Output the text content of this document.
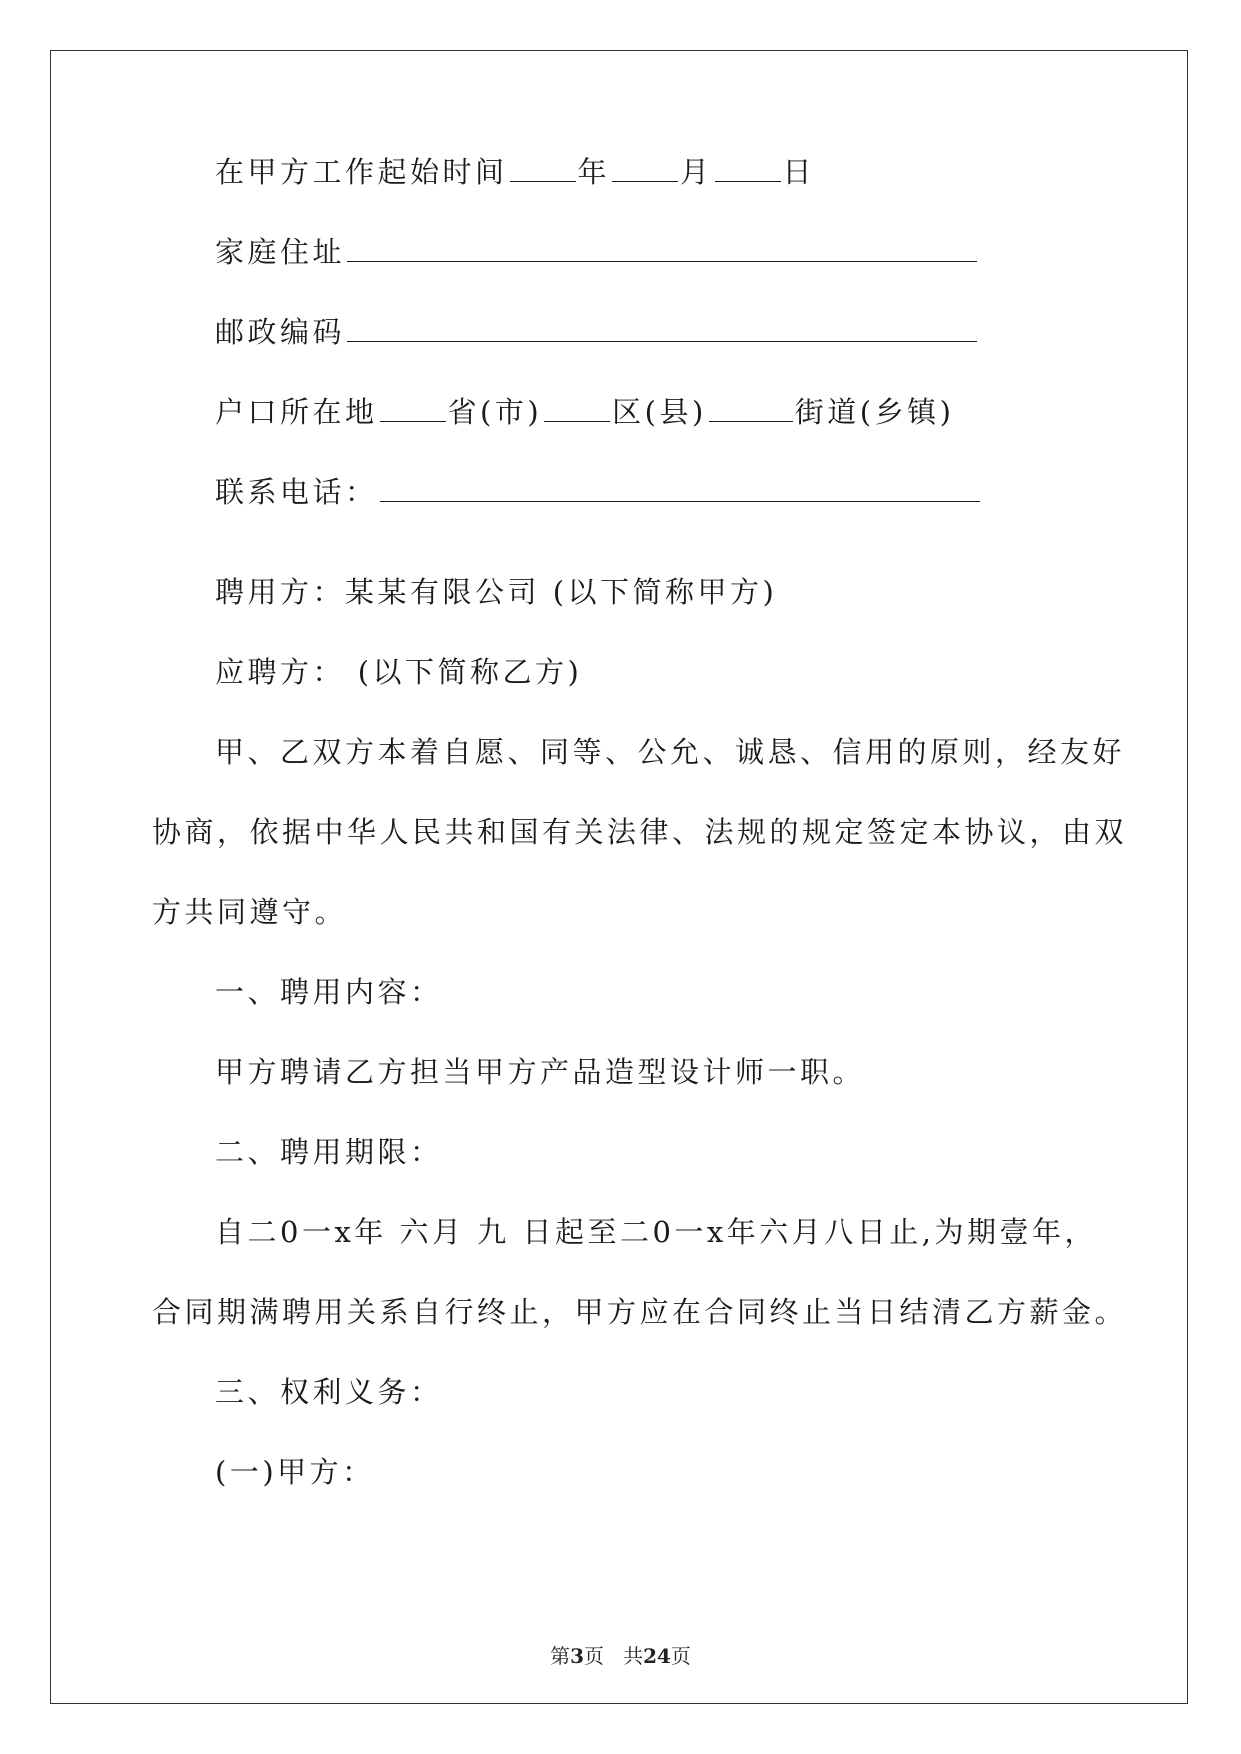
在甲方工作起始时间 年 月 日
家庭住址
邮政编码
户口所在地 省(市) 区(县)	街道(乡镇)
联系电话：
聘用方：某某有限公司 (以下简称甲方)
应聘方： (以下简称乙方)
甲、乙双方本着自愿、同等、公允、诚恳、信用的原则，经友好
协商，依据中华人民共和国有关法律、法规的规定签定本协议，由双
方共同遵守。
一、聘用内容：
甲方聘请乙方担当甲方产品造型设计师一职。
二、聘用期限：
自二0一x年 六月 九 日起至二0一x年六月八日止,为期壹年，
合同期满聘用关系自行终止，甲方应在合同终止当日结清乙方薪金。
三、权利义务：
(一)甲方：
第3页 共24页
